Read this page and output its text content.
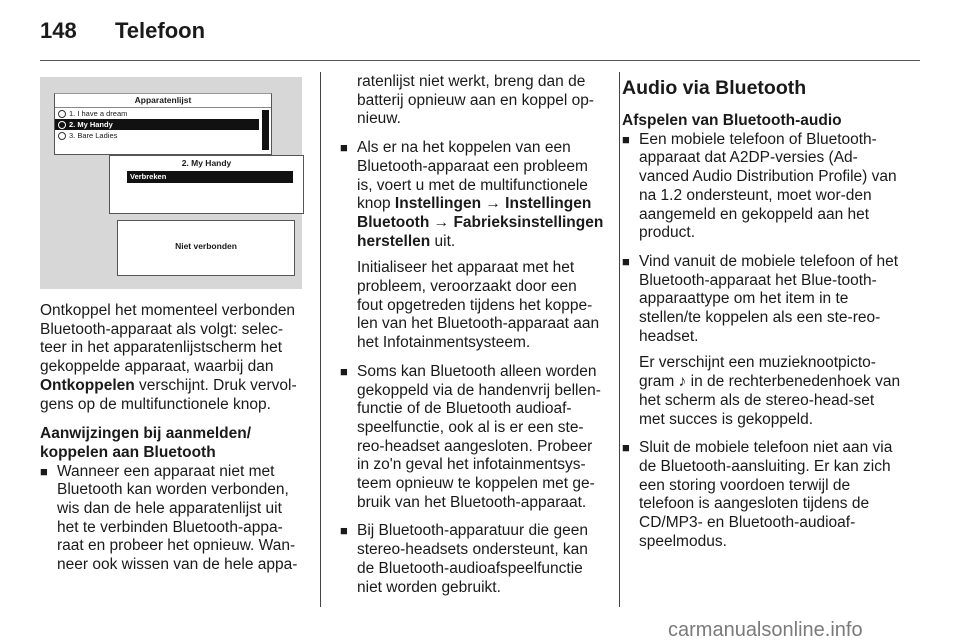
148 Telefoon
Apparatenlijst
1. I have a dream
2. My Handy
3. Bare Ladies
2. My Handy
Verbreken
Niet verbonden

Ontkoppel het momenteel verbonden Bluetooth-apparaat als volgt: selec-teer in het apparatenlijstscherm het gekoppelde apparaat, waarbij dan Ontkoppelen verschijnt. Druk vervol-gens op de multifunctionele knop.

Aanwijzingen bij aanmelden/ koppelen aan Bluetooth
■ Wanneer een apparaat niet met Bluetooth kan worden verbonden, wis dan de hele apparatenlijst uit het te verbinden Bluetooth-appa-raat en probeer het opnieuw. Wan-neer ook wissen van de hele appa-
ratenlijst niet werkt, breng dan de batterij opnieuw aan en koppel op-nieuw.
■ Als er na het koppelen van een Bluetooth-apparaat een probleem is, voert u met de multifunctionele knop Instellingen → Instellingen Bluetooth → Fabrieksinstellingen herstellen uit.

Initialiseer het apparaat met het probleem, veroorzaakt door een fout opgetreden tijdens het koppe-len van het Bluetooth-apparaat aan het Infotainmentsysteem.

■ Soms kan Bluetooth alleen worden gekoppeld via de handenvrij bellen-functie of de Bluetooth audioaf-speelfunctie, ook al is er een ste-reo-headset aangesloten. Probeer in zo'n geval het infotainmentsys-teem opnieuw te koppelen met ge-bruik van het Bluetooth-apparaat.
■ Bij Bluetooth-apparatuur die geen stereo-headsets ondersteunt, kan de Bluetooth-audioafspeelfunctie niet worden gebruikt.
Audio via Bluetooth
Afspelen van Bluetooth-audio
■ Een mobiele telefoon of Bluetooth-apparaat dat A2DP-versies (Ad-vanced Audio Distribution Profile) van na 1.2 ondersteunt, moet wor-den aangemeld en gekoppeld aan het product.
■ Vind vanuit de mobiele telefoon of het Bluetooth-apparaat het Blue-tooth-apparaattype om het item in te stellen/te koppelen als een ste-reo-headset.

Er verschijnt een muzieknootpicto-gram ♪ in de rechterbenedenhoek van het scherm als de stereo-head-set met succes is gekoppeld.

■ Sluit de mobiele telefoon niet aan via de Bluetooth-aansluiting. Er kan zich een storing voordoen terwijl de telefoon is aangesloten tijdens de CD/MP3- en Bluetooth-audioaf-speelmodus.
carmanualsonline.info
